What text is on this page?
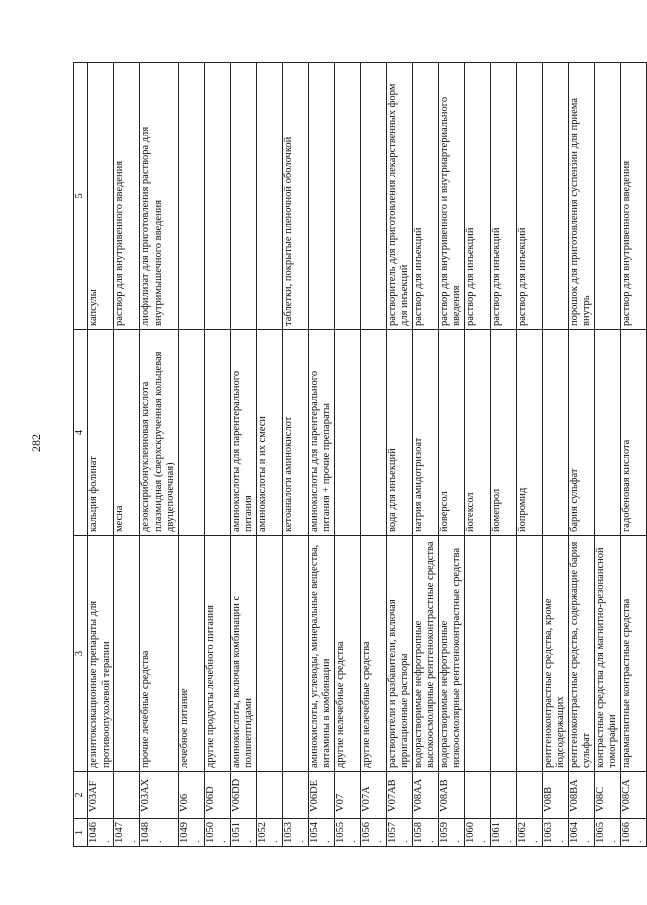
282
1	2	3	4	5
1046.	V03AF	дезинтоксикационные препараты для противоопухолевой терапии	кальция фолинат	капсулы
1047.			месна	раствор для внутривенного введения
1048.	V03AX	прочие лечебные средства	дезоксирибонуклеиновая кислота плазмидная (сверхскрученная кольцевая двуцепочечная)	лиофилизат для приготовления раствора для внутримышечного введения
1049.	V06	лечебное питание		
1050.	V06D	другие продукты лечебного питания		
1051.	V06DD	аминокислоты, включая комбинации с полипептидами	аминокислоты для парентерального питания	
1052.			аминокислоты и их смеси	
1053.			кетоаналоги аминокислот	таблетки, покрытые пленочной оболочкой
1054.	V06DE	аминокислоты, углеводы, минеральные вещества, витамины в комбинации	аминокислоты для парентерального питания + прочие препараты	
1055.	V07	другие нелечебные средства		
1056.	V07A	другие нелечебные средства		
1057.	V07AB	растворители и разбавители, включая ирригационные растворы	вода для инъекций	растворитель для приготовления лекарственных форм для инъекций
1058.	V08AA	водорастворимые нефротропные высокоосмолярные рентгеноконтрастные средства	натрия амидотризоат	раствор для инъекций
1059.	V08AB	водорастворимые нефротропные низкоосмолярные рентгеноконтрастные средства	йоверсол	раствор для внутривенного и внутриартериального введения
1060.			йогексол	раствор для инъекций
1061.			йомепрол	раствор для инъекций
1062.			йопромид	раствор для инъекций
1063.	V08B	рентгеноконтрастные средства, кроме йодсодержащих		
1064.	V08BA	рентгеноконтрастные средства, содержащие бария сульфат	бария сульфат	порошок для приготовления суспензии для приема внутрь
1065.	V08C	контрастные средства для магнитно-резонансной томографии		
1066.	V08CA	парамагнитные контрастные средства	гадобеновая кислота	раствор для внутривенного введения
